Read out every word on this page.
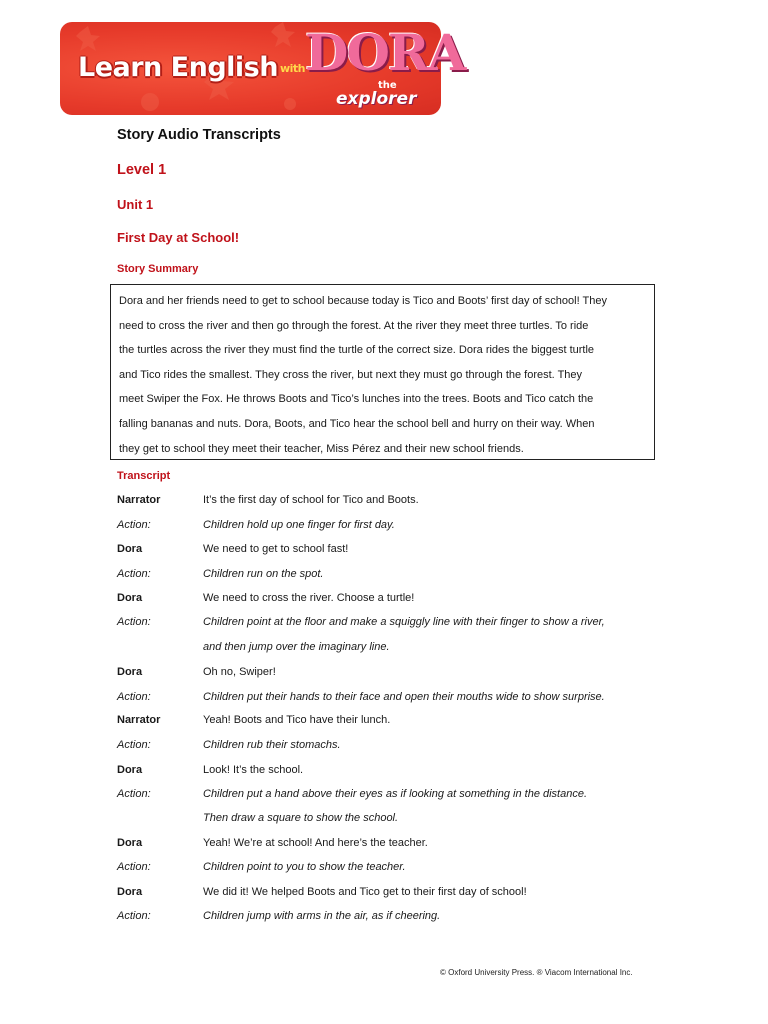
Learn English with DORA
the
explorer
Story Audio Transcripts
Level 1
Unit 1
First Day at School!
Story Summary
Dora and her friends need to get to school because today is Tico and Boots’ first day of school! They
need to cross the river and then go through the forest. At the river they meet three turtles. To ride
the turtles across the river they must find the turtle of the correct size. Dora rides the biggest turtle
and Tico rides the smallest. They cross the river, but next they must go through the forest. They
meet Swiper the Fox. He throws Boots and Tico’s lunches into the trees. Boots and Tico catch the
falling bananas and nuts. Dora, Boots, and Tico hear the school bell and hurry on their way. When
they get to school they meet their teacher, Miss Pérez and their new school friends.
Transcript
Narrator	It’s the first day of school for Tico and Boots.
Action:	Children hold up one finger for first day.
Dora	We need to get to school fast!
Action:	Children run on the spot.
Dora	We need to cross the river. Choose a turtle!
Action:	Children point at the floor and make a squiggly line with their finger to show a river,
and then jump over the imaginary line.
Dora	Oh no, Swiper!
Action:	Children put their hands to their face and open their mouths wide to show surprise.
Narrator	Yeah! Boots and Tico have their lunch.
Action:	Children rub their stomachs.
Dora	Look! It’s the school.
Action:	Children put a hand above their eyes as if looking at something in the distance.
Then draw a square to show the school.
Dora	Yeah! We’re at school! And here’s the teacher.
Action:	Children point to you to show the teacher.
Dora	We did it! We helped Boots and Tico get to their first day of school!
Action:	Children jump with arms in the air, as if cheering.
© Oxford University Press. ® Viacom International Inc.
